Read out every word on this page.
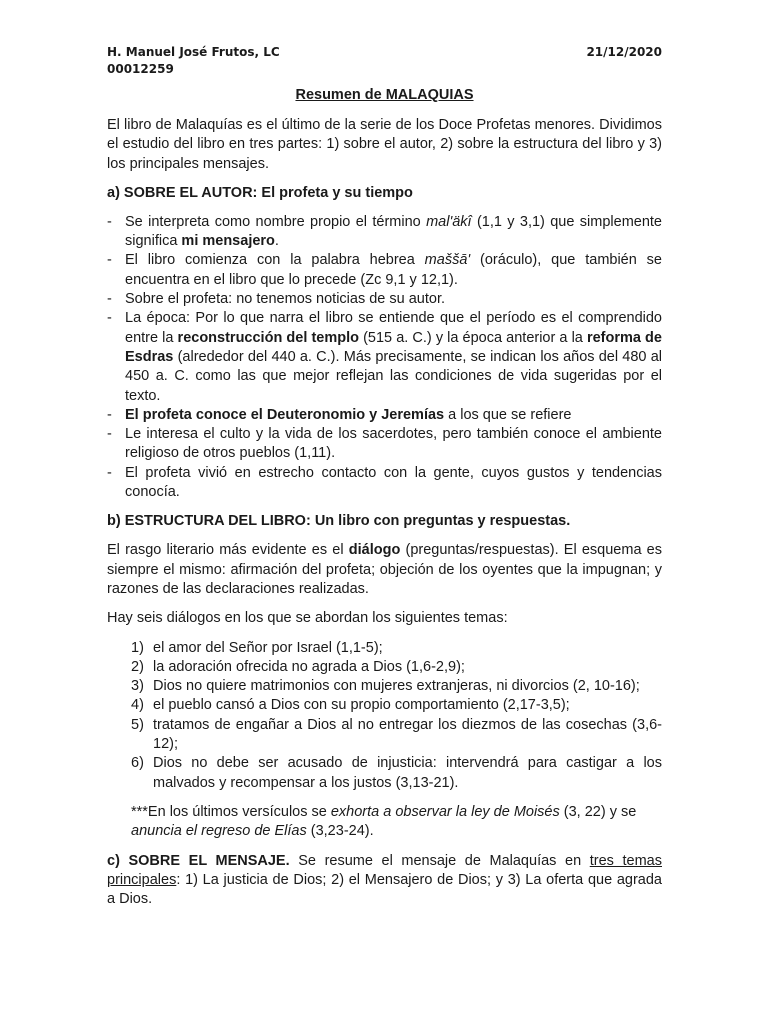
H. Manuel José Frutos, LC
00012259
21/12/2020
Resumen de MALAQUIAS

El libro de Malaquías es el último de la serie de los Doce Profetas menores. Dividimos el estudio del libro en tres partes: 1) sobre el autor, 2) sobre la estructura del libro y 3) los principales mensajes.

a) SOBRE EL AUTOR: El profeta y su tiempo
- Se interpreta como nombre propio el término mal'äkî (1,1 y 3,1) que simplemente significa mi mensajero.
- El libro comienza con la palabra hebrea maššā' (oráculo), que también se encuentra en el libro que lo precede (Zc 9,1 y 12,1).
- Sobre el profeta: no tenemos noticias de su autor.
- La época: Por lo que narra el libro se entiende que el período es el comprendido entre la reconstrucción del templo (515 a. C.) y la época anterior a la reforma de Esdras (alrededor del 440 a. C.). Más precisamente, se indican los años del 480 al 450 a. C. como las que mejor reflejan las condiciones de vida sugeridas por el texto.
- El profeta conoce el Deuteronomio y Jeremías a los que se refiere
- Le interesa el culto y la vida de los sacerdotes, pero también conoce el ambiente religioso de otros pueblos (1,11).
- El profeta vivió en estrecho contacto con la gente, cuyos gustos y tendencias conocía.
b) ESTRUCTURA DEL LIBRO: Un libro con preguntas y respuestas.

El rasgo literario más evidente es el diálogo (preguntas/respuestas). El esquema es siempre el mismo: afirmación del profeta; objeción de los oyentes que la impugnan; y razones de las declaraciones realizadas.

Hay seis diálogos en los que se abordan los siguientes temas:

1) el amor del Señor por Israel (1,1-5);
2) la adoración ofrecida no agrada a Dios (1,6-2,9);
3) Dios no quiere matrimonios con mujeres extranjeras, ni divorcios (2, 10-16);
4) el pueblo cansó a Dios con su propio comportamiento (2,17-3,5);
5) tratamos de engañar a Dios al no entregar los diezmos de las cosechas (3,6-12);
6) Dios no debe ser acusado de injusticia: intervendrá para castigar a los malvados y recompensar a los justos (3,13-21).

***En los últimos versículos se exhorta a observar la ley de Moisés (3, 22) y se anuncia el regreso de Elías (3,23-24).

c) SOBRE EL MENSAJE. Se resume el mensaje de Malaquías en tres temas principales: 1) La justicia de Dios; 2) el Mensajero de Dios; y 3) La oferta que agrada a Dios.
